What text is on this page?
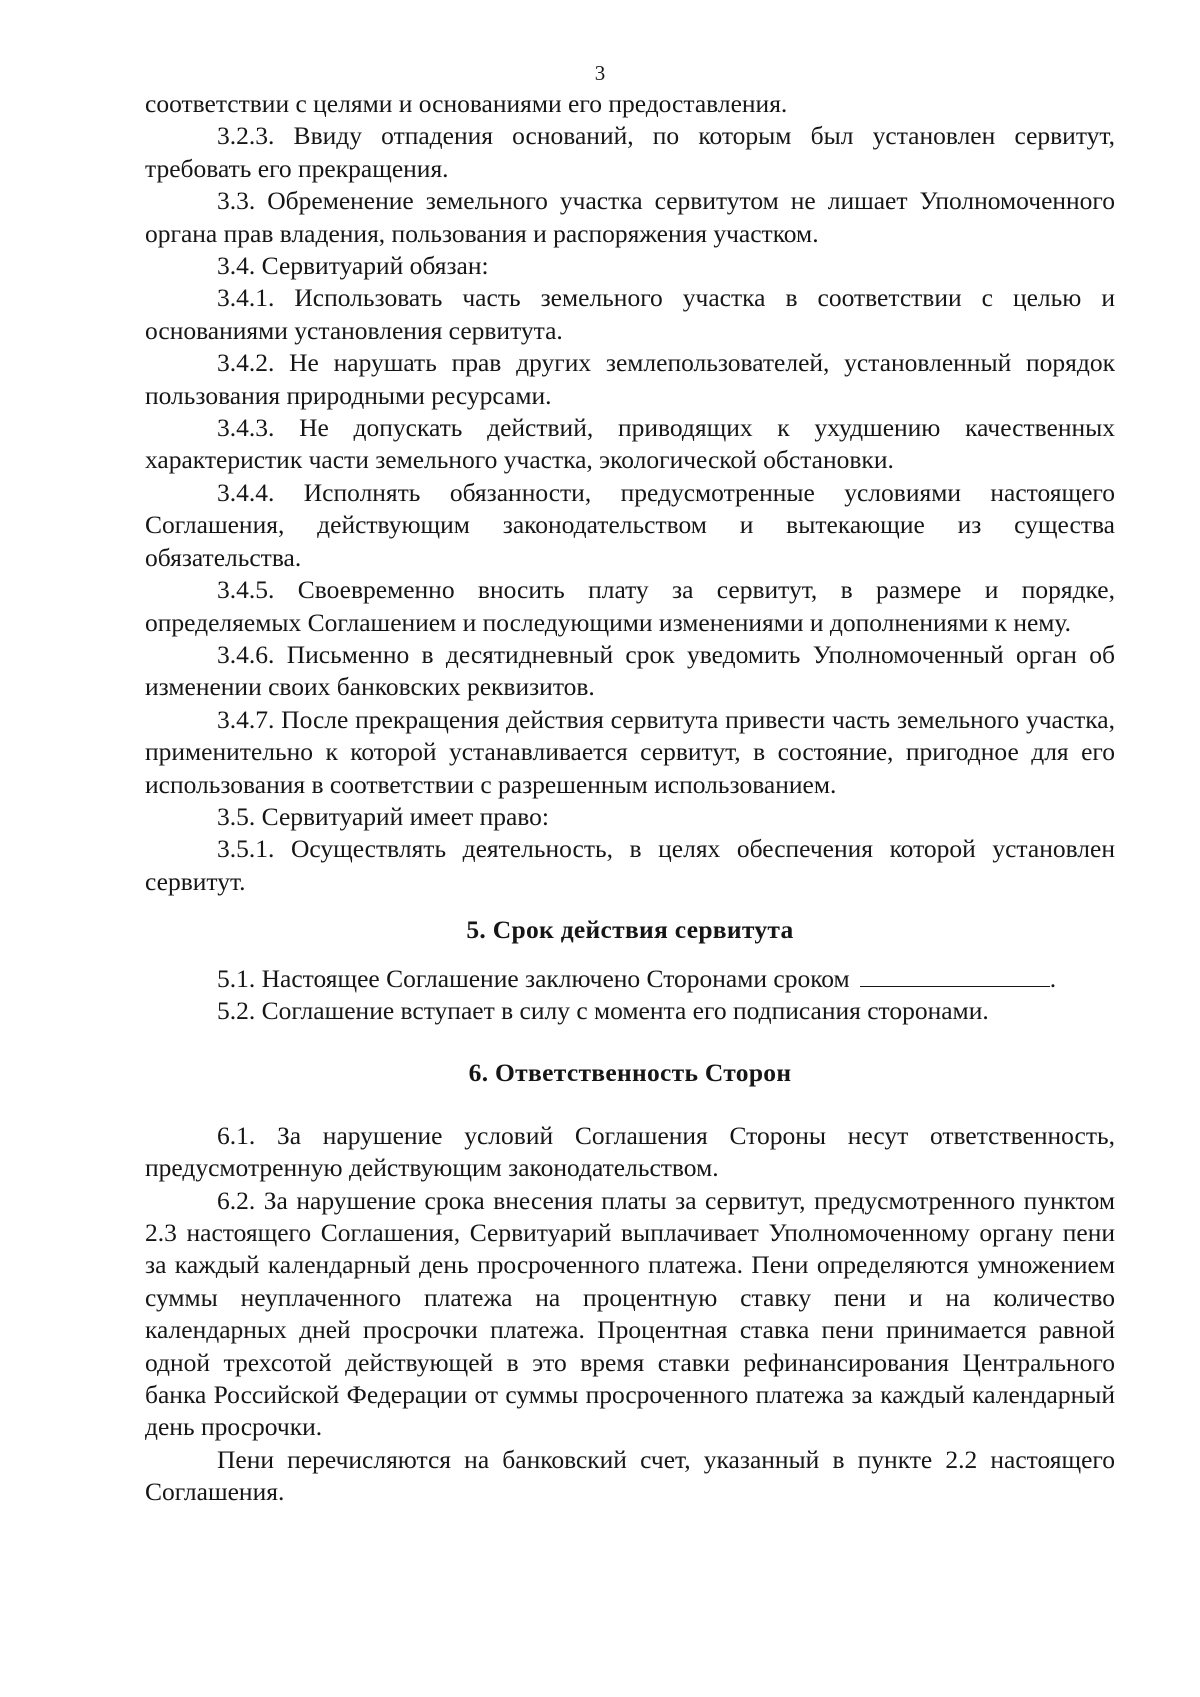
3

соответствии с целями и основаниями его предоставления.

3.2.3. Ввиду отпадения оснований, по которым был установлен сервитут, требовать его прекращения.

3.3. Обременение земельного участка сервитутом не лишает Уполномоченного органа прав владения, пользования и распоряжения участком.

3.4. Сервитуарий обязан:

3.4.1. Использовать часть земельного участка в соответствии с целью и основаниями установления сервитута.

3.4.2. Не нарушать прав других землепользователей, установленный порядок пользования природными ресурсами.

3.4.3. Не допускать действий, приводящих к ухудшению качественных характеристик части земельного участка, экологической обстановки.

3.4.4. Исполнять обязанности, предусмотренные условиями настоящего Соглашения, действующим законодательством и вытекающие из существа обязательства.

3.4.5. Своевременно вносить плату за сервитут, в размере и порядке, определяемых Соглашением и последующими изменениями и дополнениями к нему.

3.4.6. Письменно в десятидневный срок уведомить Уполномоченный орган об изменении своих банковских реквизитов.

3.4.7. После прекращения действия сервитута привести часть земельного участка, применительно к которой устанавливается сервитут, в состояние, пригодное для его использования в соответствии с разрешенным использованием.

3.5. Сервитуарий имеет право:

3.5.1. Осуществлять деятельность, в целях обеспечения которой установлен сервитут.

5. Срок действия сервитута

5.1. Настоящее Соглашение заключено Сторонами сроком	.

5.2. Соглашение вступает в силу с момента его подписания сторонами.

6. Ответственность Сторон

6.1. За нарушение условий Соглашения Стороны несут ответственность, предусмотренную действующим законодательством.

6.2. За нарушение срока внесения платы за сервитут, предусмотренного пунктом 2.3 настоящего Соглашения, Сервитуарий выплачивает Уполномоченному органу пени за каждый календарный день просроченного платежа. Пени определяются умножением суммы неуплаченного платежа на процентную ставку пени и на количество календарных дней просрочки платежа. Процентная ставка пени принимается равной одной трехсотой действующей в это время ставки рефинансирования Центрального банка Российской Федерации от суммы просроченного платежа за каждый календарный день просрочки.

Пени перечисляются на банковский счет, указанный в пункте 2.2 настоящего Соглашения.
